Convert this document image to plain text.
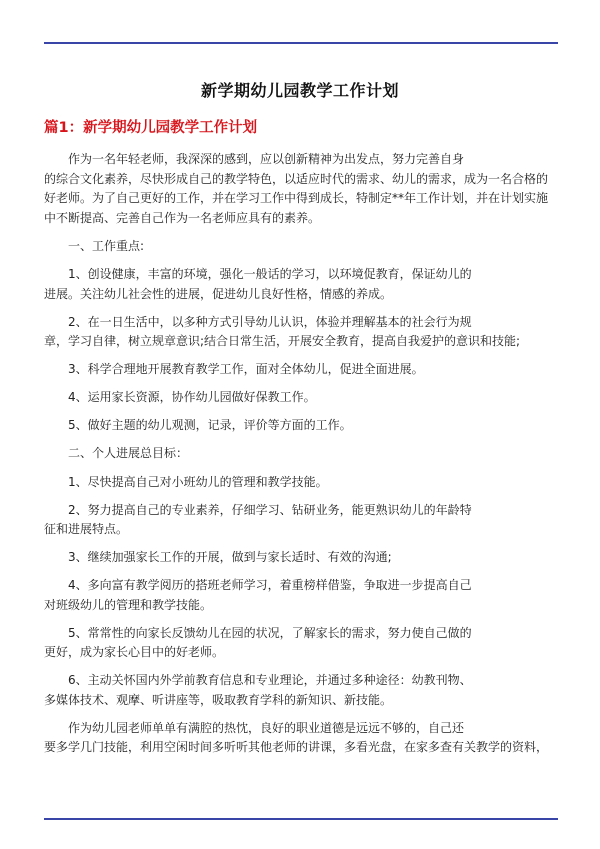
新学期幼儿园教学工作计划
篇1：新学期幼儿园教学工作计划

作为一名年轻老师，我深深的感到，应以创新精神为出发点，努力完善自身
的综合文化素养，尽快形成自己的教学特色，以适应时代的需求、幼儿的需求，成为一名合格的
好老师。为了自己更好的工作，并在学习工作中得到成长，特制定**年工作计划，并在计划实施
中不断提高、完善自己作为一名老师应具有的素养。

一、工作重点:

1、创设健康，丰富的环境，强化一般话的学习，以环境促教育，保证幼儿的
进展。关注幼儿社会性的进展，促进幼儿良好性格，情感的养成。

2、在一日生活中，以多种方式引导幼儿认识，体验并理解基本的社会行为规
章，学习自律，树立规章意识;结合日常生活，开展安全教育，提高自我爱护的意识和技能;

3、科学合理地开展教育教学工作，面对全体幼儿，促进全面进展。

4、运用家长资源，协作幼儿园做好保教工作。

5、做好主题的幼儿观测，记录，评价等方面的工作。

二、个人进展总目标：

1、尽快提高自己对小班幼儿的管理和教学技能。

2、努力提高自己的专业素养，仔细学习、钻研业务，能更熟识幼儿的年龄特
征和进展特点。

3、继续加强家长工作的开展，做到与家长适时、有效的沟通;

4、多向富有教学阅历的搭班老师学习，着重榜样借鉴，争取进一步提高自己
对班级幼儿的管理和教学技能。

5、常常性的向家长反馈幼儿在园的状况，了解家长的需求，努力使自己做的
更好，成为家长心目中的好老师。

6、主动关怀国内外学前教育信息和专业理论，并通过多种途径：幼教刊物、
多媒体技术、观摩、听讲座等，吸取教育学科的新知识、新技能。

作为幼儿园老师单单有满腔的热忱，良好的职业道德是远远不够的，自己还
要多学几门技能，利用空闲时间多听听其他老师的讲课，多看光盘，在家多查有关教学的资料，
